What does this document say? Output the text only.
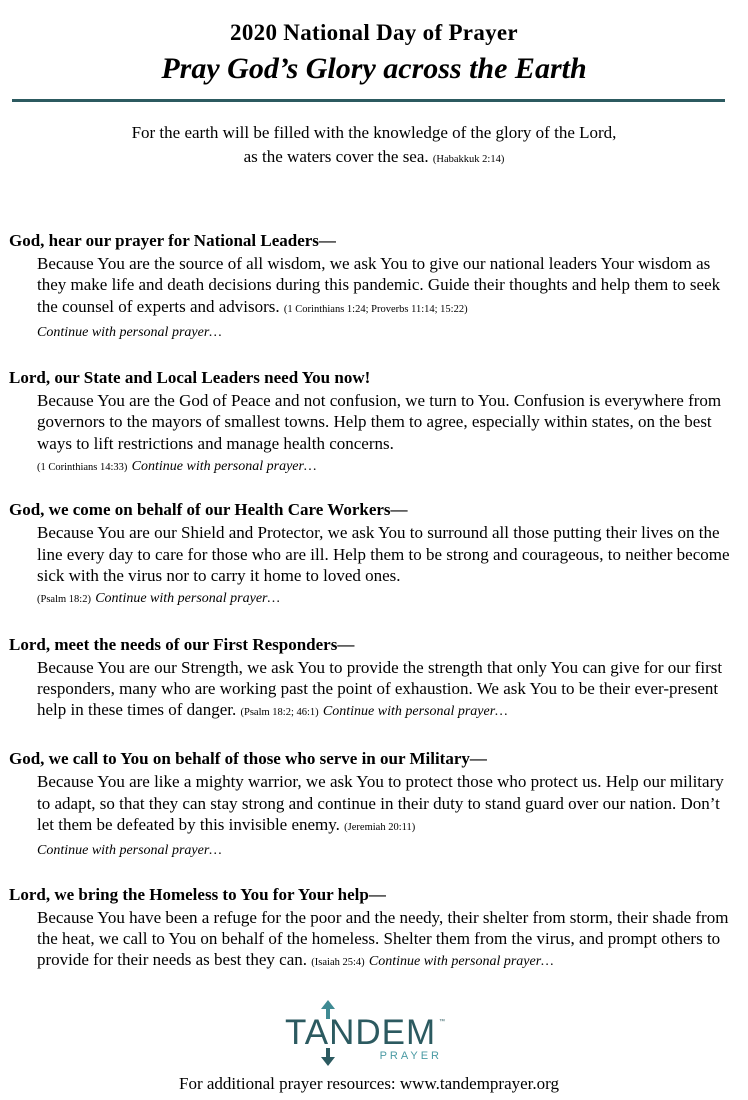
2020 National Day of Prayer
Pray God’s Glory across the Earth
For the earth will be filled with the knowledge of the glory of the Lord,
as the waters cover the sea. (Habakkuk 2:14)
God, hear our prayer for National Leaders—
Because You are the source of all wisdom, we ask You to give our national leaders Your wisdom as they make life and death decisions during this pandemic. Guide their thoughts and help them to seek the counsel of experts and advisors. (1 Corinthians 1:24; Proverbs 11:14; 15:22)
Continue with personal prayer…
Lord, our State and Local Leaders need You now!
Because You are the God of Peace and not confusion, we turn to You. Confusion is everywhere from governors to the mayors of smallest towns. Help them to agree, especially within states, on the best ways to lift restrictions and manage health concerns.
(1 Corinthians 14:33) Continue with personal prayer…
God, we come on behalf of our Health Care Workers—
Because You are our Shield and Protector, we ask You to surround all those putting their lives on the line every day to care for those who are ill. Help them to be strong and courageous, to neither become sick with the virus nor to carry it home to loved ones.
(Psalm 18:2) Continue with personal prayer…
Lord, meet the needs of our First Responders—
Because You are our Strength, we ask You to provide the strength that only You can give for our first responders, many who are working past the point of exhaustion. We ask You to be their ever-present help in these times of danger. (Psalm 18:2; 46:1) Continue with personal prayer…
God, we call to You on behalf of those who serve in our Military—
Because You are like a mighty warrior, we ask You to protect those who protect us. Help our military to adapt, so that they can stay strong and continue in their duty to stand guard over our nation. Don’t let them be defeated by this invisible enemy. (Jeremiah 20:11)
Continue with personal prayer…
Lord, we bring the Homeless to You for Your help—
Because You have been a refuge for the poor and the needy, their shelter from storm, their shade from the heat, we call to You on behalf of the homeless. Shelter them from the virus, and prompt others to provide for their needs as best they can. (Isaiah 25:4) Continue with personal prayer…
TANDEM ™
PRAYER
For additional prayer resources: www.tandemprayer.org
